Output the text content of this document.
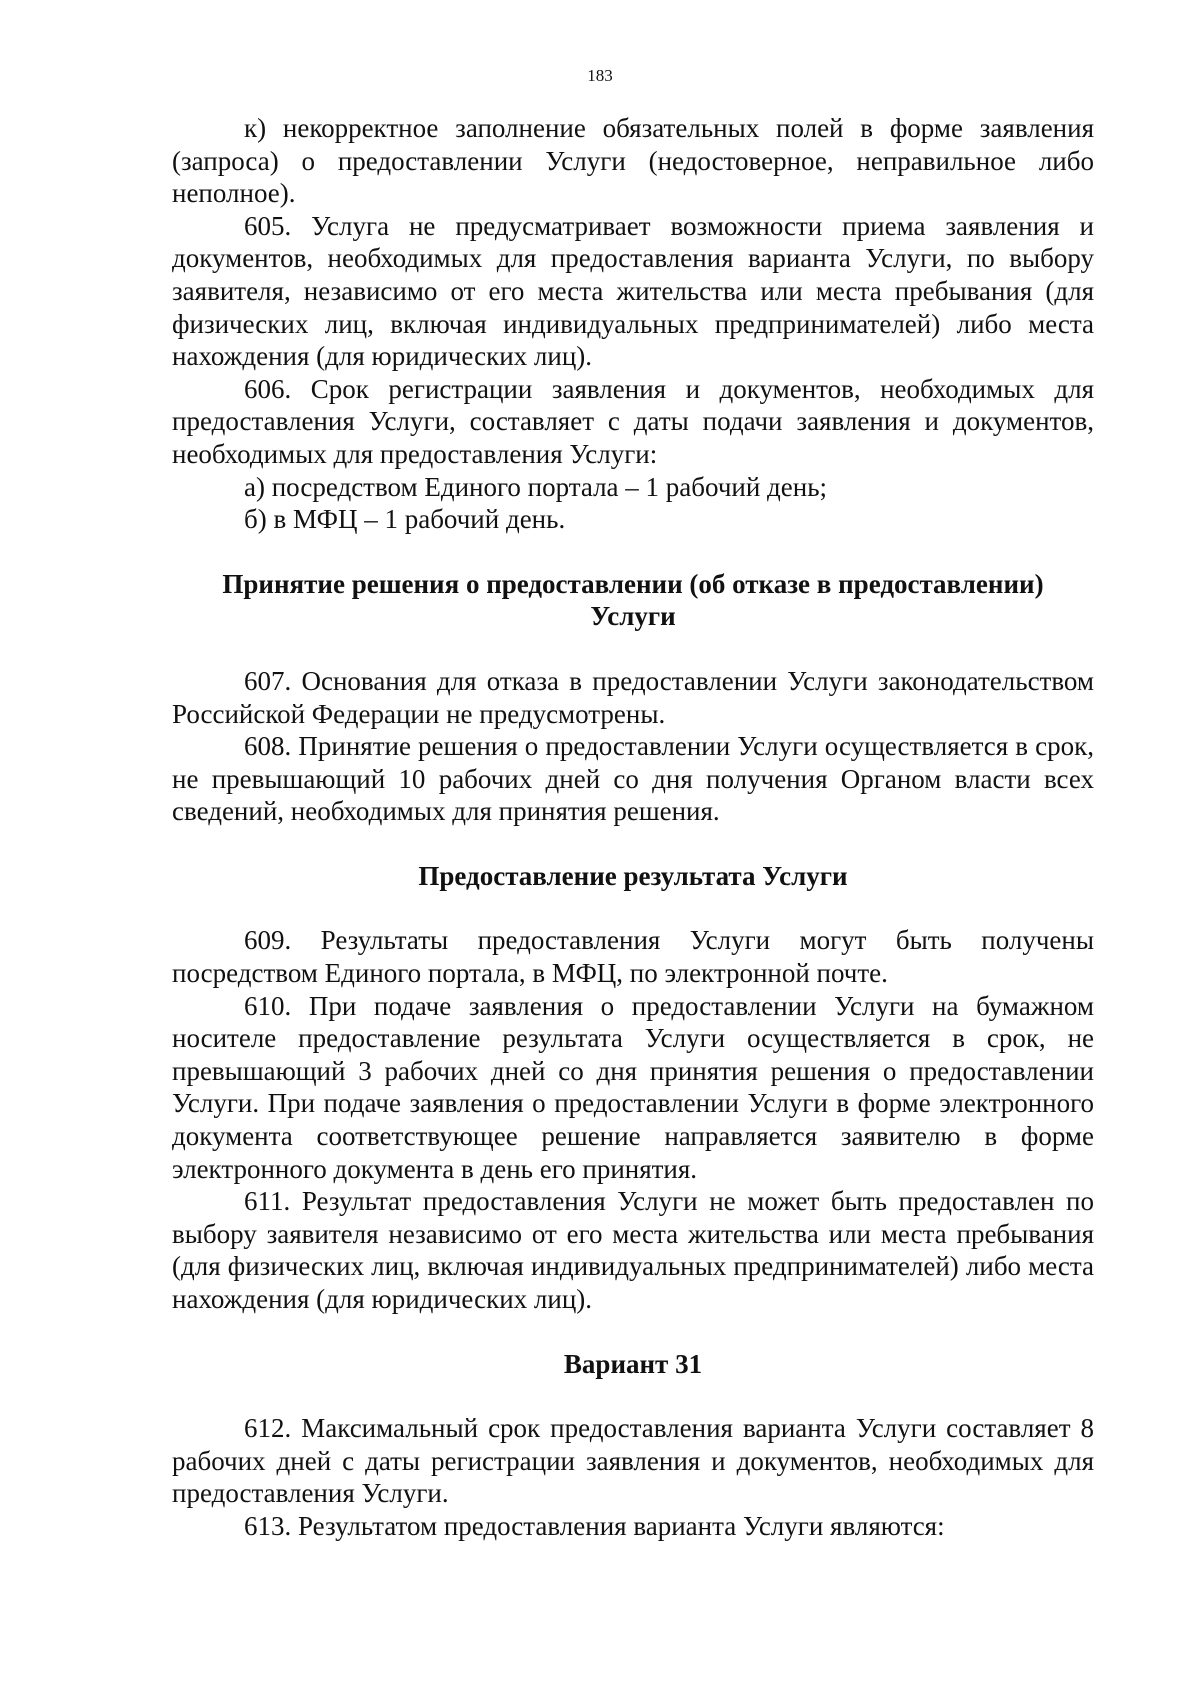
183

к) некорректное заполнение обязательных полей в форме заявления (запроса) о предоставлении Услуги (недостоверное, неправильное либо неполное).

605. Услуга не предусматривает возможности приема заявления и документов, необходимых для предоставления варианта Услуги, по выбору заявителя, независимо от его места жительства или места пребывания (для физических лиц, включая индивидуальных предпринимателей) либо места нахождения (для юридических лиц).

606. Срок регистрации заявления и документов, необходимых для предоставления Услуги, составляет с даты подачи заявления и документов, необходимых для предоставления Услуги:

а) посредством Единого портала – 1 рабочий день;

б) в МФЦ – 1 рабочий день.

Принятие решения о предоставлении (об отказе в предоставлении) Услуги

607. Основания для отказа в предоставлении Услуги законодательством Российской Федерации не предусмотрены.

608. Принятие решения о предоставлении Услуги осуществляется в срок, не превышающий 10 рабочих дней со дня получения Органом власти всех сведений, необходимых для принятия решения.

Предоставление результата Услуги

609. Результаты предоставления Услуги могут быть получены посредством Единого портала, в МФЦ, по электронной почте.

610. При подаче заявления о предоставлении Услуги на бумажном носителе предоставление результата Услуги осуществляется в срок, не превышающий 3 рабочих дней со дня принятия решения о предоставлении Услуги. При подаче заявления о предоставлении Услуги в форме электронного документа соответствующее решение направляется заявителю в форме электронного документа в день его принятия.

611. Результат предоставления Услуги не может быть предоставлен по выбору заявителя независимо от его места жительства или места пребывания (для физических лиц, включая индивидуальных предпринимателей) либо места нахождения (для юридических лиц).

Вариант 31

612. Максимальный срок предоставления варианта Услуги составляет 8 рабочих дней с даты регистрации заявления и документов, необходимых для предоставления Услуги.

613. Результатом предоставления варианта Услуги являются:
